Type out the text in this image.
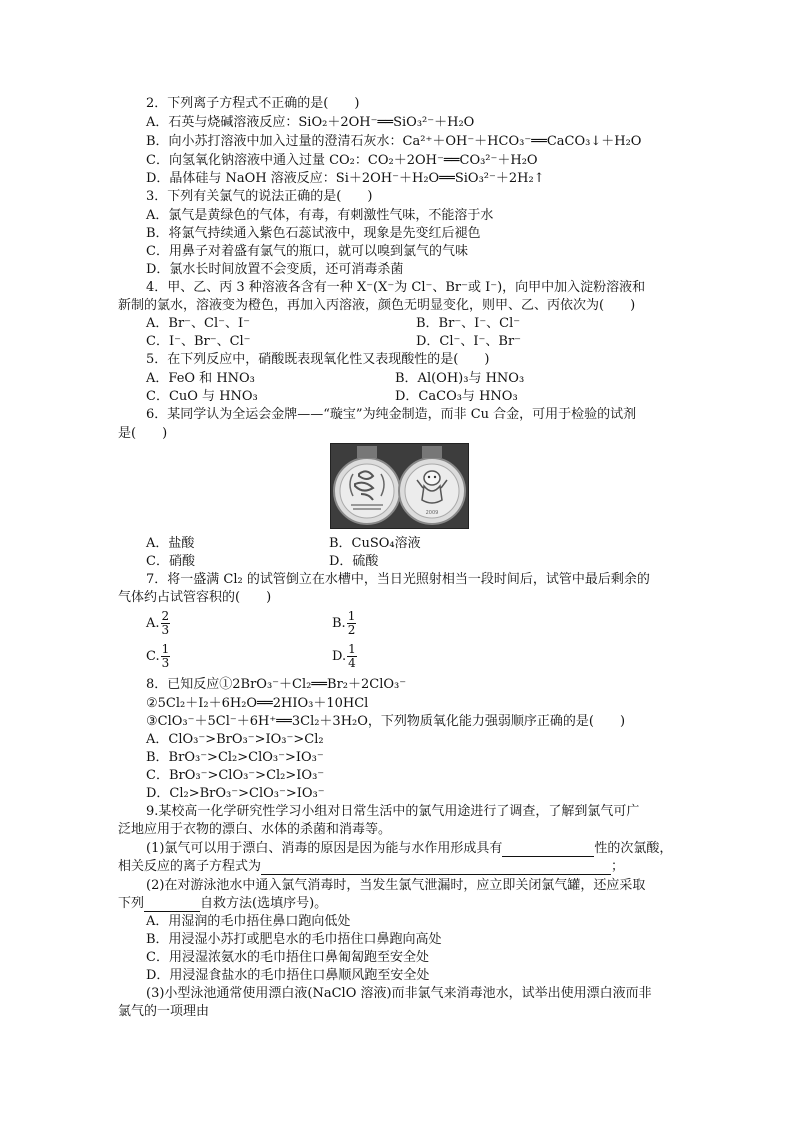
2．下列离子方程式不正确的是(　　)
A．石英与烧碱溶液反应：SiO₂＋2OH⁻══SiO₃²⁻＋H₂O
B．向小苏打溶液中加入过量的澄清石灰水：Ca²⁺＋OH⁻＋HCO₃⁻══CaCO₃↓＋H₂O
C．向氢氧化钠溶液中通入过量 CO₂：CO₂＋2OH⁻══CO₃²⁻＋H₂O
D．晶体硅与 NaOH 溶液反应：Si＋2OH⁻＋H₂O══SiO₃²⁻＋2H₂↑
3．下列有关氯气的说法正确的是(　　)
A．氯气是黄绿色的气体，有毒，有刺激性气味，不能溶于水
B．将氯气持续通入紫色石蕊试液中，现象是先变红后褪色
C．用鼻子对着盛有氯气的瓶口，就可以嗅到氯气的气味
D．氯水长时间放置不会变质，还可消毒杀菌
4．甲、乙、丙 3 种溶液各含有一种 X⁻(X⁻为 Cl⁻、Br⁻或 I⁻)，向甲中加入淀粉溶液和
新制的氯水，溶液变为橙色，再加入丙溶液，颜色无明显变化，则甲、乙、丙依次为(　　)
A．Br⁻、Cl⁻、I⁻	B．Br⁻、I⁻、Cl⁻
C．I⁻、Br⁻、Cl⁻	D．Cl⁻、I⁻、Br⁻
5．在下列反应中，硝酸既表现氧化性又表现酸性的是(　　)
A．FeO 和 HNO₃	B．Al(OH)₃与 HNO₃
C．CuO 与 HNO₃	D．CaCO₃与 HNO₃
6．某同学认为全运会金牌——“璇宝”为纯金制造，而非 Cu 合金，可用于检验的试剂
是(　　)
2009
A．盐酸	B．CuSO₄溶液
C．硝酸	D．硫酸
7．将一盛满 Cl₂ 的试管倒立在水槽中，当日光照射相当一段时间后，试管中最后剩余的
气体约占试管容积的(　　)
A. $\frac{2}{3}$	B. $\frac{1}{2}$
C. $\frac{1}{3}$	D. $\frac{1}{4}$
8．已知反应①2BrO₃⁻＋Cl₂══Br₂＋2ClO₃⁻
②5Cl₂＋I₂＋6H₂O══2HIO₃＋10HCl
③ClO₃⁻＋5Cl⁻＋6H⁺══3Cl₂＋3H₂O，下列物质氧化能力强弱顺序正确的是(　　)
A．ClO₃⁻>BrO₃⁻>IO₃⁻>Cl₂
B．BrO₃⁻>Cl₂>ClO₃⁻>IO₃⁻
C．BrO₃⁻>ClO₃⁻>Cl₂>IO₃⁻
D．Cl₂>BrO₃⁻>ClO₃⁻>IO₃⁻
9.某校高一化学研究性学习小组对日常生活中的氯气用途进行了调查，了解到氯气可广
泛地应用于衣物的漂白、水体的杀菌和消毒等。
(1)氯气可以用于漂白、消毒的原因是因为能与水作用形成具有	性的次氯酸，
相关反应的离子方程式为	；
(2)在对游泳池水中通入氯气消毒时，当发生氯气泄漏时，应立即关闭氯气罐，还应采取
下列	自救方法(选填序号)。
A．用湿润的毛巾捂住鼻口跑向低处
B．用浸湿小苏打或肥皂水的毛巾捂住口鼻跑向高处
C．用浸湿浓氨水的毛巾捂住口鼻匍匐跑至安全处
D．用浸湿食盐水的毛巾捂住口鼻顺风跑至安全处
(3)小型泳池通常使用漂白液(NaClO 溶液)而非氯气来消毒池水，试举出使用漂白液而非
氯气的一项理由
